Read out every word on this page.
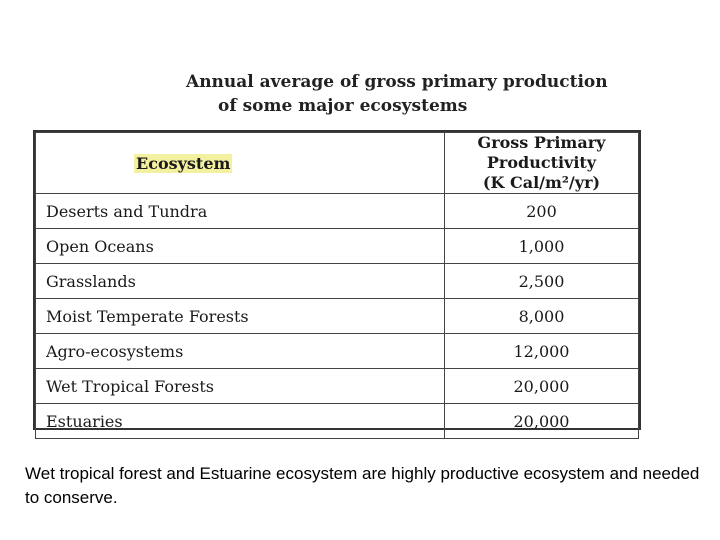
Annual average of gross primary production
of some major ecosystems
Ecosystem	Gross Primary Productivity
(K Cal/m²/yr)
Deserts and Tundra	200
Open Oceans	1,000
Grasslands	2,500
Moist Temperate Forests	8,000
Agro-ecosystems	12,000
Wet Tropical Forests	20,000
Estuaries	20,000
Wet tropical forest and Estuarine ecosystem are highly productive ecosystem and needed to conserve.
